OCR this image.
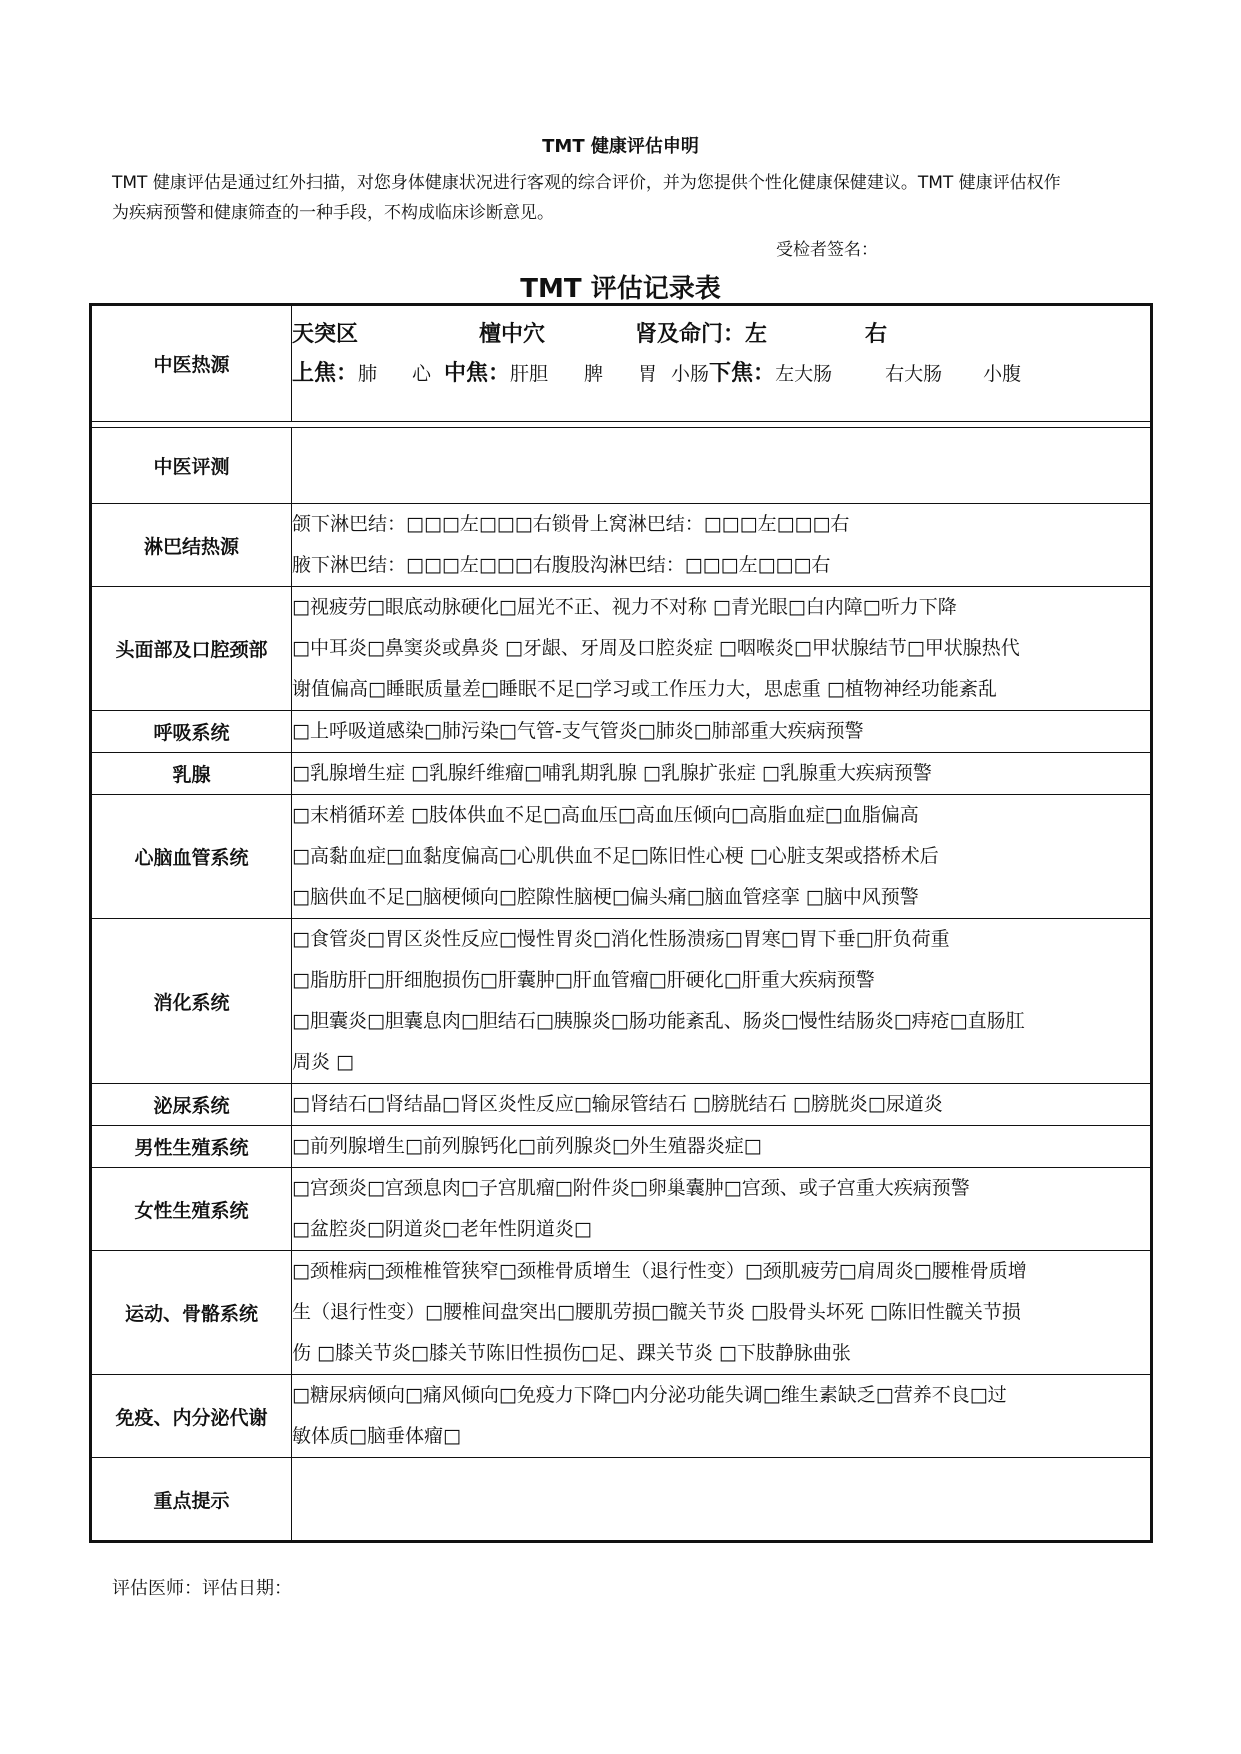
TMT 健康评估申明
TMT 健康评估是通过红外扫描，对您身体健康状况进行客观的综合评价，并为您提供个性化健康保健建议。TMT 健康评估权作
为疾病预警和健康筛查的一种手段，不构成临床诊断意见。
受检者签名：
TMT 评估记录表
中医热源	天突区 檀中穴 肾及命门：左 右
上焦：肺 心 中焦：肝胆 脾 胃 小肠下焦：左大肠 右大肠 小腹

中医评测	
淋巴结热源	颌下淋巴结：□□□左□□□右锁骨上窝淋巴结：□□□左□□□右
腋下淋巴结：□□□左□□□右腹股沟淋巴结：□□□左□□□右

头面部及口腔颈部	□视疲劳□眼底动脉硬化□屈光不正、视力不对称 □青光眼□白内障□听力下降
□中耳炎□鼻窦炎或鼻炎 □牙龈、牙周及口腔炎症 □咽喉炎□甲状腺结节□甲状腺热代
谢值偏高□睡眠质量差□睡眠不足□学习或工作压力大，思虑重 □植物神经功能紊乱

呼吸系统	□上呼吸道感染□肺污染□气管-支气管炎□肺炎□肺部重大疾病预警

乳腺	□乳腺增生症 □乳腺纤维瘤□哺乳期乳腺 □乳腺扩张症 □乳腺重大疾病预警

心脑血管系统	□末梢循环差 □肢体供血不足□高血压□高血压倾向□高脂血症□血脂偏高
□高黏血症□血黏度偏高□心肌供血不足□陈旧性心梗 □心脏支架或搭桥术后
□脑供血不足□脑梗倾向□腔隙性脑梗□偏头痛□脑血管痉挛 □脑中风预警

消化系统	□食管炎□胃区炎性反应□慢性胃炎□消化性肠溃疡□胃寒□胃下垂□肝负荷重
□脂肪肝□肝细胞损伤□肝囊肿□肝血管瘤□肝硬化□肝重大疾病预警
□胆囊炎□胆囊息肉□胆结石□胰腺炎□肠功能紊乱、肠炎□慢性结肠炎□痔疮□直肠肛
周炎 □

泌尿系统	□肾结石□肾结晶□肾区炎性反应□输尿管结石 □膀胱结石 □膀胱炎□尿道炎

男性生殖系统	□前列腺增生□前列腺钙化□前列腺炎□外生殖器炎症□

女性生殖系统	□宫颈炎□宫颈息肉□子宫肌瘤□附件炎□卵巢囊肿□宫颈、或子宫重大疾病预警
□盆腔炎□阴道炎□老年性阴道炎□

运动、骨骼系统	□颈椎病□颈椎椎管狭窄□颈椎骨质增生（退行性变）□颈肌疲劳□肩周炎□腰椎骨质增
生（退行性变）□腰椎间盘突出□腰肌劳损□髋关节炎 □股骨头坏死 □陈旧性髋关节损
伤 □膝关节炎□膝关节陈旧性损伤□足、踝关节炎 □下肢静脉曲张

免疫、内分泌代谢	□糖尿病倾向□痛风倾向□免疫力下降□内分泌功能失调□维生素缺乏□营养不良□过
敏体质□脑垂体瘤□

重点提示	
评估医师：评估日期：
